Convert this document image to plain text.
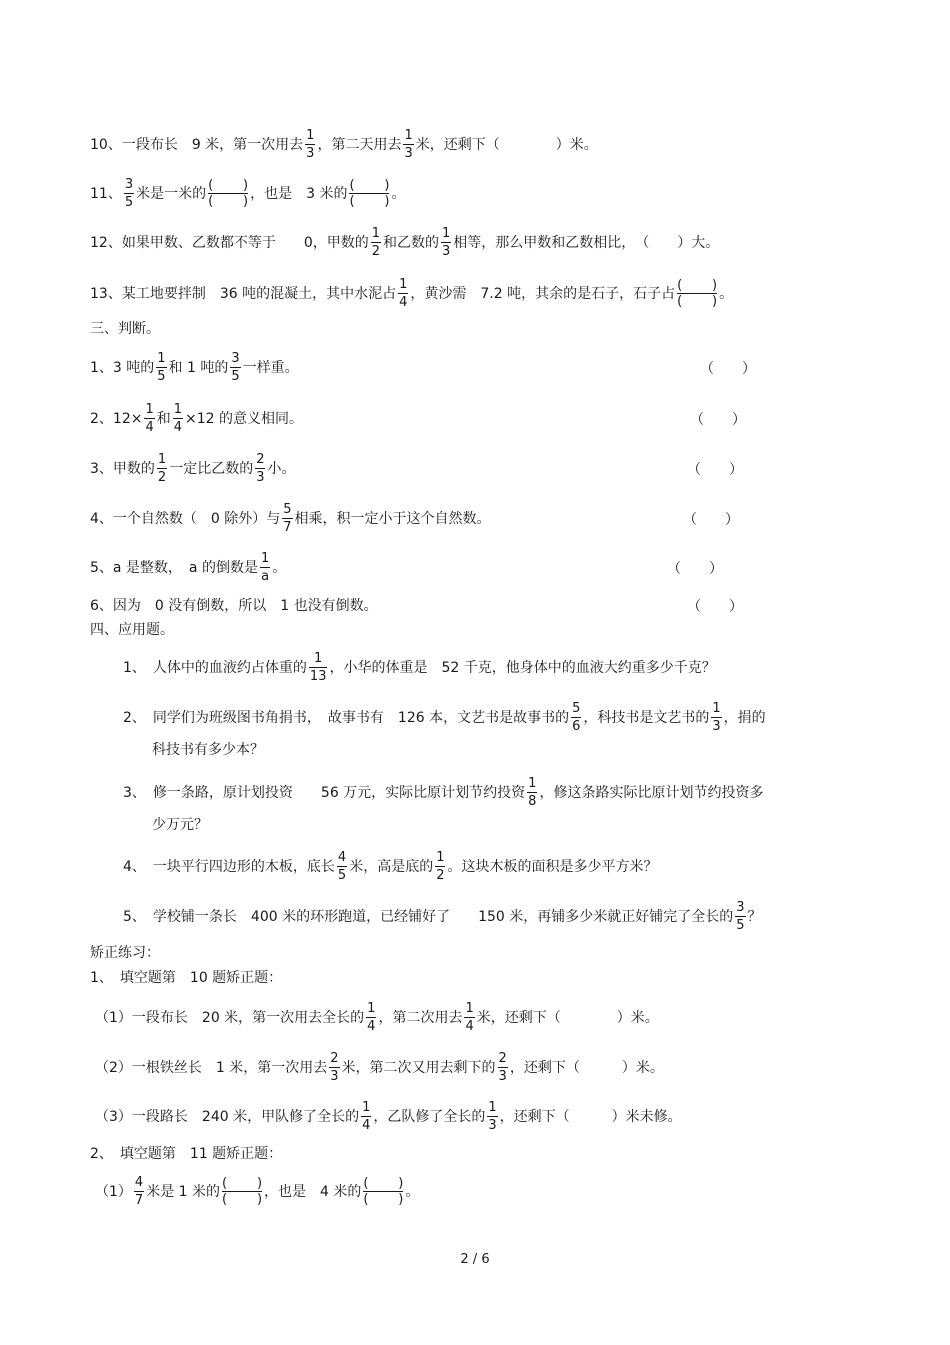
10、一段布长　9 米，第一次用去 $\frac{1}{3}$ ，第二天用去 $\frac{1}{3}$ 米，还剩下（　　　　）米。
11、 $\frac{3}{5}$ 米是一米的
( )
( ) ，也是　3 米的
( )
( ) 。
12、如果甲数、乙数都不等于　　0，甲数的 $\frac{1}{2}$ 和乙数的 $\frac{1}{3}$ 相等，那么甲数和乙数相比，　（　　）大。
13、某工地要拌制　36 吨的混凝土，其中水泥占 $\frac{1}{4}$ ，黄沙需　7.2 吨，其余的是石子，石子占
( )
( ) 。
三、判断。
1、3 吨的 $\frac{1}{5}$ 和 1 吨的 $\frac{3}{5}$ 一样重。	（　　）
2、$12\times \frac{1}{4}$ 和 $\frac{1}{4} \times 12$ 的意义相同。	（　　）
3、甲数的 $\frac{1}{2}$ 一定比乙数的 $\frac{2}{3}$ 小。	（　　）
4、一个自然数（　0 除外）与 $\frac{5}{7}$ 相乘，积一定小于这个自然数。	（　　）
5、a 是整数，　a 的倒数是 $\frac{1}{a}$ 。	（　　）
6、因为　0 没有倒数，所以　1 也没有倒数。	（　　）
四、应用题。
1、　人体中的血液约占体重的 $\frac{1}{13}$ ，小华的体重是　52 千克，他身体中的血液大约重多少千克？
2、　同学们为班级图书角捐书，　故事书有　126 本，文艺书是故事书的 $\frac{5}{6}$ ，科技书是文艺书的 $\frac{1}{3}$ ，捐的
科技书有多少本？
3、　修一条路，原计划投资　　56 万元，实际比原计划节约投资 $\frac{1}{8}$ ，修这条路实际比原计划节约投资多
少万元？
4、　一块平行四边形的木板，底长 $\frac{4}{5}$ 米，高是底的 $\frac{1}{2}$ 。这块木板的面积是多少平方米？
5、　学校铺一条长　400 米的环形跑道，已经铺好了　　150 米，再铺多少米就正好铺完了全长的 $\frac{3}{5}$ ？
矫正练习：
1、　填空题第　10 题矫正题：
（1）一段布长　20 米，第一次用去全长的 $\frac{1}{4}$ ，第二次用去 $\frac{1}{4}$ 米，还剩下（　　　　）米。
（2）一根铁丝长　1 米，第一次用去 $\frac{2}{3}$ 米，第二次又用去剩下的 $\frac{2}{3}$ ，还剩下（　　　）米。
（3）一段路长　240 米，甲队修了全长的 $\frac{1}{4}$ ，乙队修了全长的 $\frac{1}{3}$ ，还剩下（　　　）米未修。
2、　填空题第　11 题矫正题：
$(1) \frac{4}{7}$ 米是 1 米的
( )
( ) ，也是　4 米的
( )
( ) 。
2 / 6
